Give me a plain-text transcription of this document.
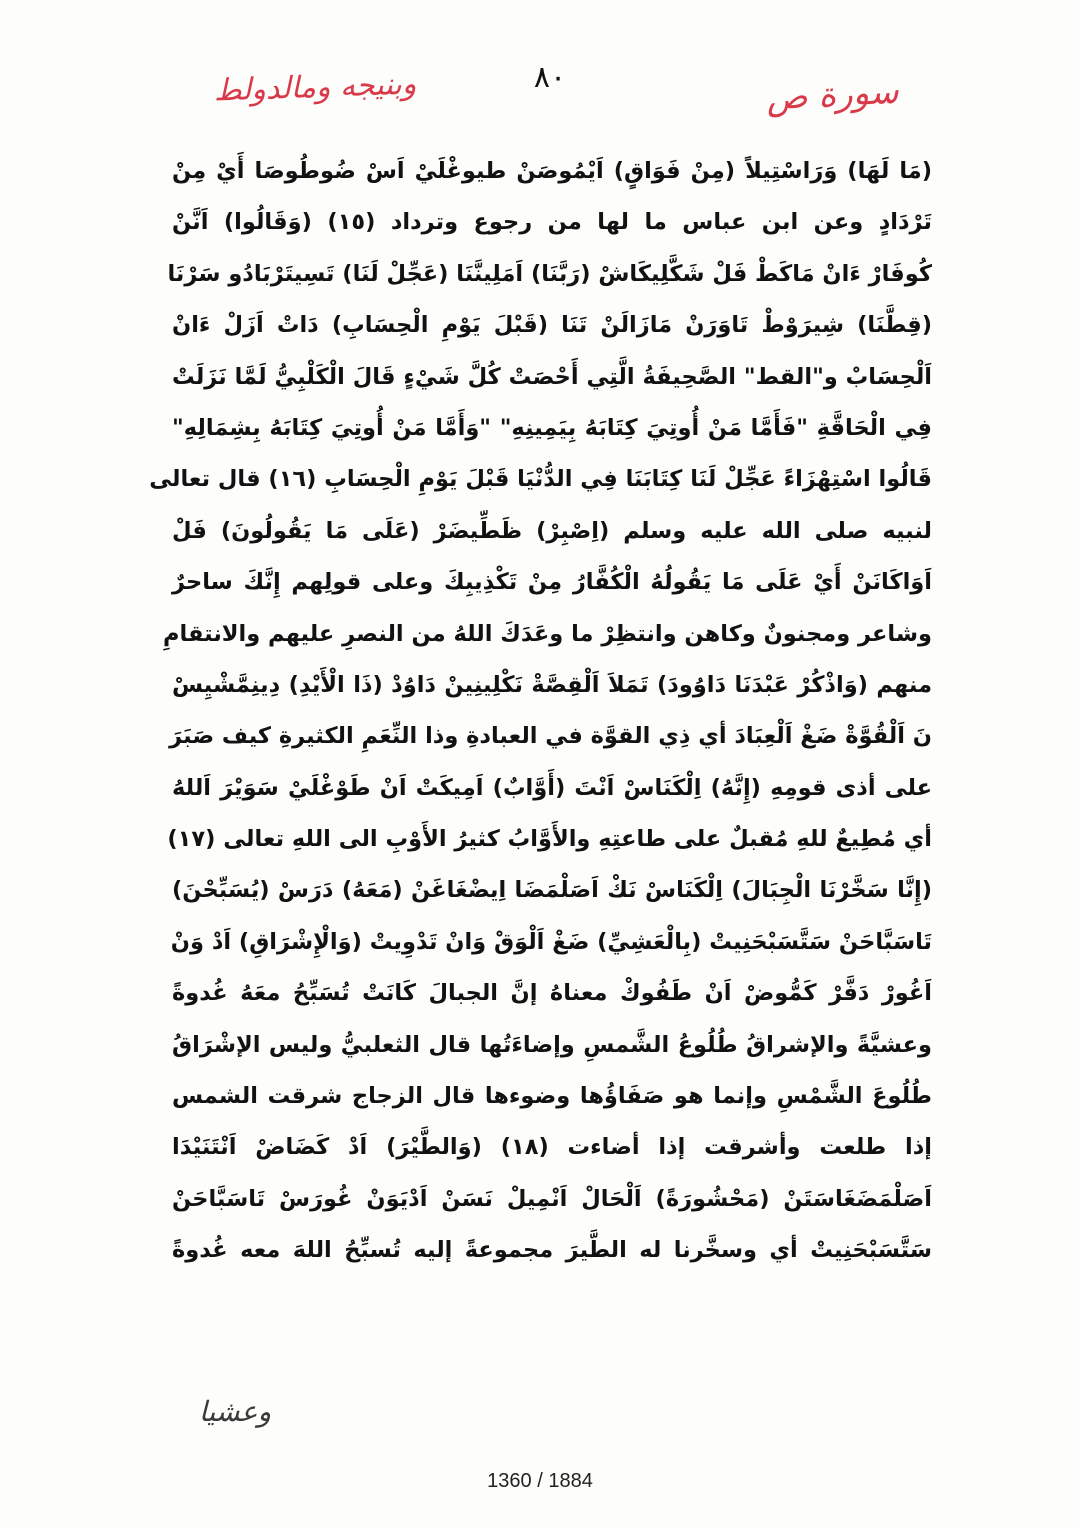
وبنيجه ومالدولط	٨٠	سورة ص
(مَا لَهَا) وَرَاسْتِيلاً (مِنْ فَوَاقٍ) اَيْمُوصَنْ طيوغْلَيْ اَسْ ضُوطُوصَا أَيْ مِنْ
تَرْدَادٍ وعن ابن عباس ما لها من رجوع وترداد (١٥) (وَقَالُوا) اَنَّنْ
كُوفَارْ ءَانْ مَاكَطْ فَلْ شَكَّلِيكَاشْ (رَبَّنَا) اَمَلِينَّنَا (عَجِّلْ لَنَا) تَسِيتَرْبَادُو سَرْنَا
(قِطَّنَا) شِيرَوْطْ تَاوَرَنْ مَازَالَنْ تَنَا (قَبْلَ يَوْمِ الْحِسَابِ) دَاتْ اَزَلْ ءَانْ
اَلْحِسَابْ و"القط" الصَّحِيفَةُ الَّتِي أَحْصَتْ كُلَّ شَيْءٍ قَالَ الْكَلْبِيُّ لَمَّا نَزَلَتْ
فِي الْحَاقَّةِ "فَأَمَّا مَنْ أُوتِيَ كِتَابَهُ بِيَمِينِهِ" "وَأَمَّا مَنْ أُوتِيَ كِتَابَهُ بِشِمَالِهِ"
قَالُوا اسْتِهْزَاءً عَجِّلْ لَنَا كِتَابَنَا فِي الدُّنْيَا قَبْلَ يَوْمِ الْحِسَابِ (١٦) قال تعالى
لنبيه صلى الله عليه وسلم (اِصْبِرْ) ظَطِّيضَرْ (عَلَى مَا يَقُولُونَ) فَلْ
اَوَاكَانَنْ أَيْ عَلَى مَا يَقُولُهُ الْكُفَّارُ مِنْ تَكْذِيبِكَ وعلى قولِهم إِنَّكَ ساحرٌ
وشاعر ومجنونٌ وكاهن وانتظِرْ ما وعَدَكَ اللهُ من النصرِ عليهم والانتقامِ
منهم (وَاذْكُرْ عَبْدَنَا دَاوُودَ) تَمَلاَ اَلْقِصَّةْ نَكْلِينِينْ دَاوُدْ (ذَا الْأَيْدِ) دِينِمَّشْيِسْ
نَ اَلْقُوَّةْ ضَغْ اَلْعِبَادَ أي ذِي القوَّة في العبادةِ وذا النِّعَمِ الكثيرةِ كيف صَبَرَ
على أذى قومِهِ (إِنَّهُ) اِلْكَنَاسْ اَنْتَ (أَوَّابٌ) اَمِيكَتْ اَنْ طَوْغْلَيْ سَوَيْرَ اَللهُ
أي مُطِيعٌ للهِ مُقبلٌ على طاعتِهِ والأَوَّابُ كثيرُ الأَوْبِ الى اللهِ تعالى (١٧)
(إِنَّا سَخَّرْنَا الْجِبَالَ) اِلْكَنَاسْ نَكْ اَصَلْمَضَا اِيضْغَاغَنْ (مَعَهُ) دَرَسْ (يُسَبِّحْنَ)
تَاسَبَّاحَنْ سَتَّسَبْحَنِيتْ (بِالْعَشِيِّ) ضَغْ اَلْوَقْ وَانْ تَدْوِيتْ (وَالْإِشْرَاقِ) اَدْ وَنْ
اَغُورْ دَفَّرْ كَمُّوضْ اَنْ طَفُوكْ معناهُ إنَّ الجبالَ كَانَتْ تُسَبِّحُ معَهُ غُدوةً
وعشيَّةً والإشراقُ طُلُوعُ الشَّمسِ وإضاءَتُها قال الثعلبيُّ وليس الإشْرَاقُ
طُلُوعَ الشَّمْسِ وإنما هو صَفَاؤُها وضوءها قال الزجاج شرقت الشمس
إذا طلعت وأشرقت إذا أضاءت (١٨) (وَالطَّيْرَ) اَدْ كَضَاضْ اَنْتَنَيْدَا
اَصَلْمَضَغَاسَتَنْ (مَحْشُورَةً) اَلْحَالْ اَنْمِيلْ نَسَنْ اَدْيَوَنْ غُورَسْ تَاسَبَّاحَنْ
سَتَّسَبْحَنِيتْ أي وسخَّرنا له الطَّيرَ مجموعةً إليه تُسبِّحُ اللهَ معه غُدوةً
وعشيا
1360 / 1884
